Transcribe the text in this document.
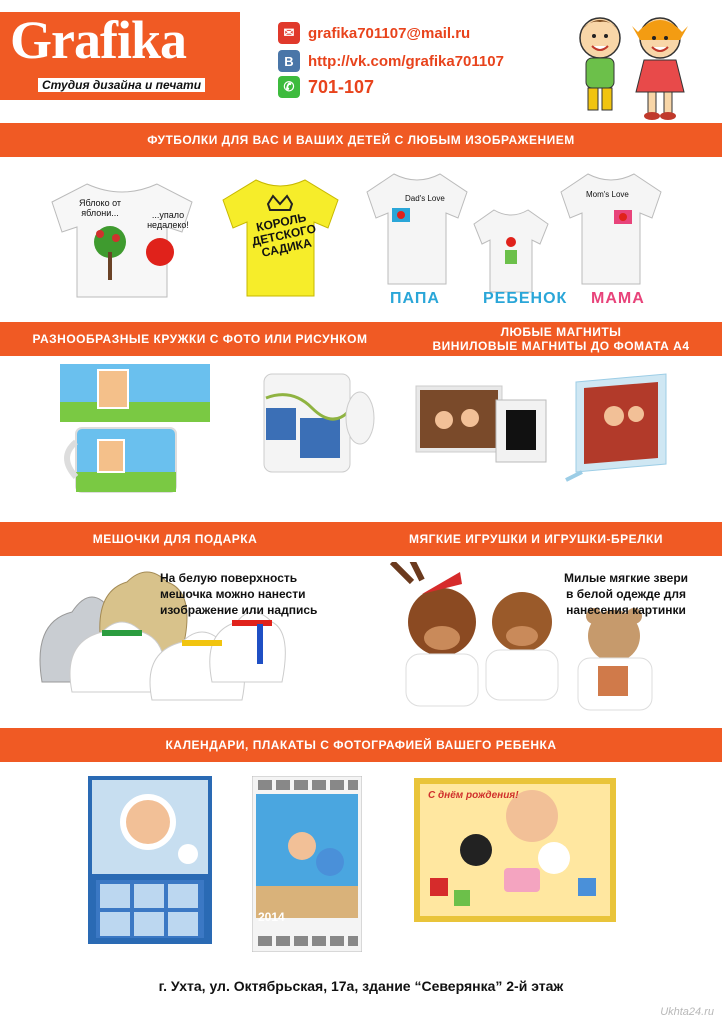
Grafika
Студия дизайна и печати
✉ grafika701107@mail.ru
В http://vk.com/grafika701107
✆ 701-107
ФУТБОЛКИ ДЛЯ ВАС И ВАШИХ ДЕТЕЙ С ЛЮБЫМ ИЗОБРАЖЕНИЕМ
Яблоко от яблони...	...упало недалеко!	КОРОЛЬ ДЕТСКОГО САДИКА
Dad's Love	Mom's Love
ПАПА	РЕБЕНОК МАМА
РАЗНООБРАЗНЫЕ КРУЖКИ С ФОТО ИЛИ РИСУНКОМ	ЛЮБЫЕ МАГНИТЫ
ВИНИЛОВЫЕ МАГНИТЫ ДО ФОМАТА А4
МЕШОЧКИ ДЛЯ ПОДАРКА	МЯГКИЕ ИГРУШКИ И ИГРУШКИ-БРЕЛКИ
На белую поверхность
мешочка можно нанести
изображение или надпись
Милые мягкие звери
в белой одежде для
нанесения картинки
КАЛЕНДАРИ, ПЛАКАТЫ С ФОТОГРАФИЕЙ ВАШЕГО РЕБЕНКА
2014
С днём рождения!
г. Ухта, ул. Октябрьская, 17а, здание “Северянка” 2-й этаж
Ukhta24.ru
